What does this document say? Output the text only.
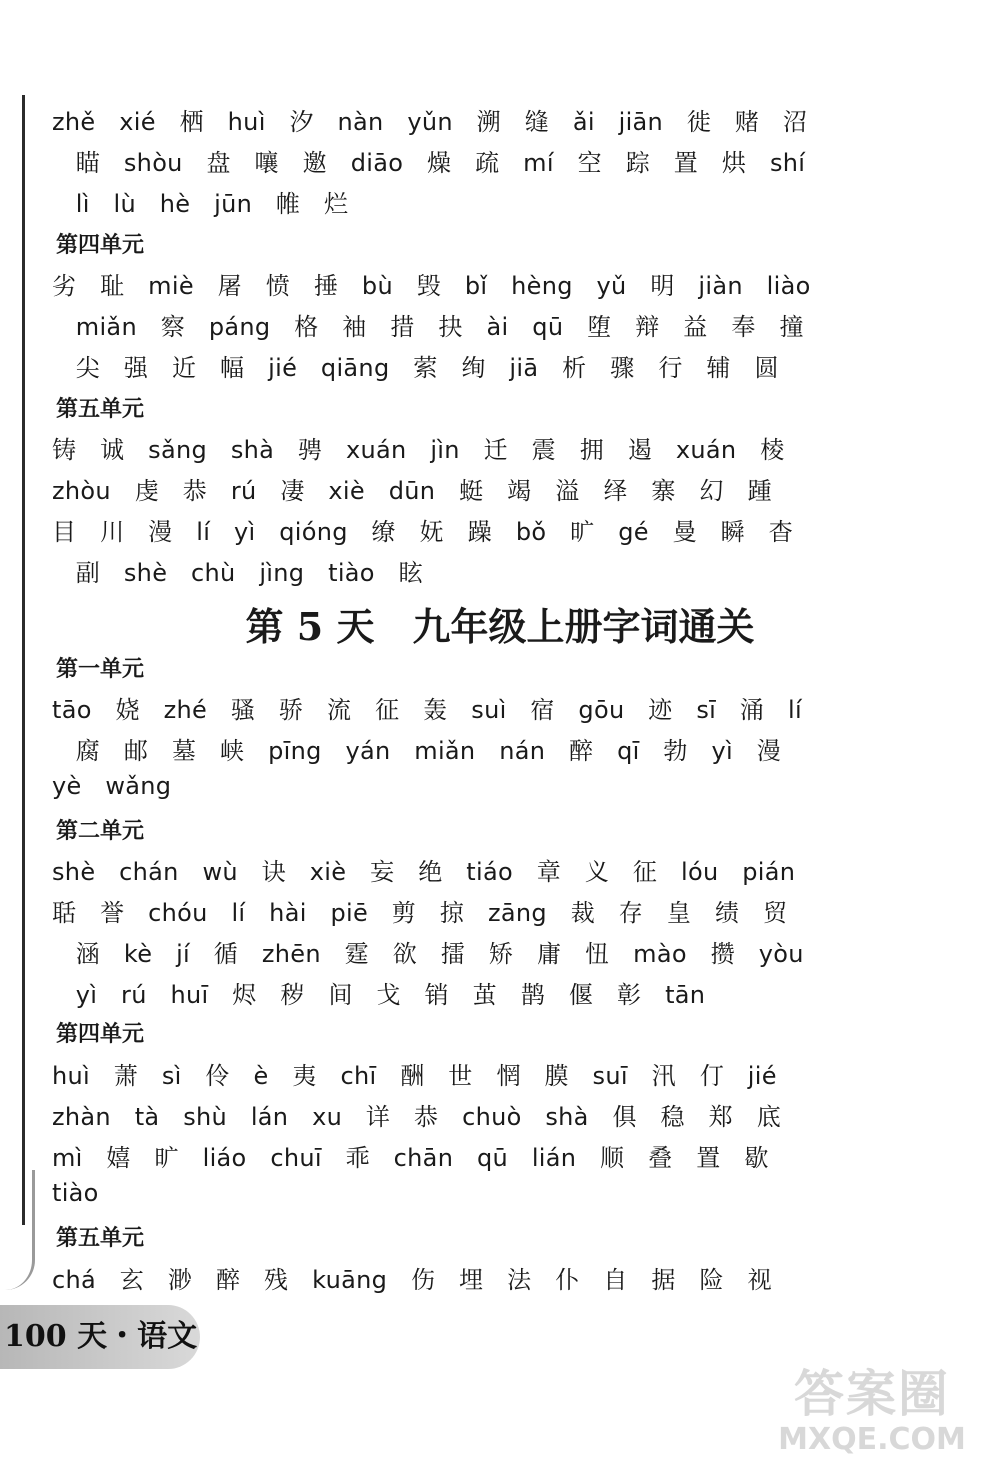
zhě   xié   栖   huì   汐   nàn   yǔn   溯   缝   ǎi   jiān   徙   赌   沼
瞄   shòu   盘   嚷   邀   diāo   燥   疏   mí   空   踪   置   烘   shí
lì   lù   hè   jūn   帷   烂
第四单元
劣   耻   miè   屠   愤   捶   bù   毁   bǐ   hèng   yǔ   明   jiàn   liào
miǎn   察   páng   格   袖   措   抉   ài   qū   堕   辩   益   奉   撞
尖   强   近   幅   jié   qiāng   萦   绚   jiā   析   骤   行   辅   圆
第五单元
铸   诚   sǎng   shà   骋   xuán   jìn   迁   震   拥   遏   xuán   棱
zhòu   虔   恭   rú   凄   xiè   dūn   蜓   竭   溢   绎   寨   幻   踵
目   川   漫   lí   yì   qióng   缭   妩   躁   bǒ   旷   gé   曼   瞬   杳
副   shè   chù   jìng   tiào   眩
第 5 天　九年级上册字词通关
第一单元
tāo   娆   zhé   骚   骄   流   征   轰   suì   宿   gōu   迹   sī   涌   lí
腐   邮   墓   峡   pīng   yán   miǎn   nán   醉   qī   勃   yì   漫
yè   wǎng
第二单元
shè   chán   wù   诀   xiè   妄   绝   tiáo   章   义   征   lóu   pián
聒   誉   chóu   lí   hài   piē   剪   掠   zāng   裁   存   皇   绩   贸
涵   kè   jí   循   zhēn   霆   欲   擂   矫   庸   忸   mào   攒   yòu
yì   rú   huī   烬   秽   间   戈   销   茧   鹊   偃   彰   tān
第四单元
huì   萧   sì   伶   è   夷   chī   酬   世   惘   膜   suī   汛   仃   jié
zhàn   tà   shù   lán   xu   详   恭   chuò   shà   俱   稳   郑   底
mì   嬉   旷   liáo   chuī   乖   chān   qū   lián   顺   叠   置   歇
tiào
第五单元
chá   玄   渺   醉   残   kuāng   伤   埋   法   仆   自   据   险   视
100 天・语文
答案圈
MXQE.COM
